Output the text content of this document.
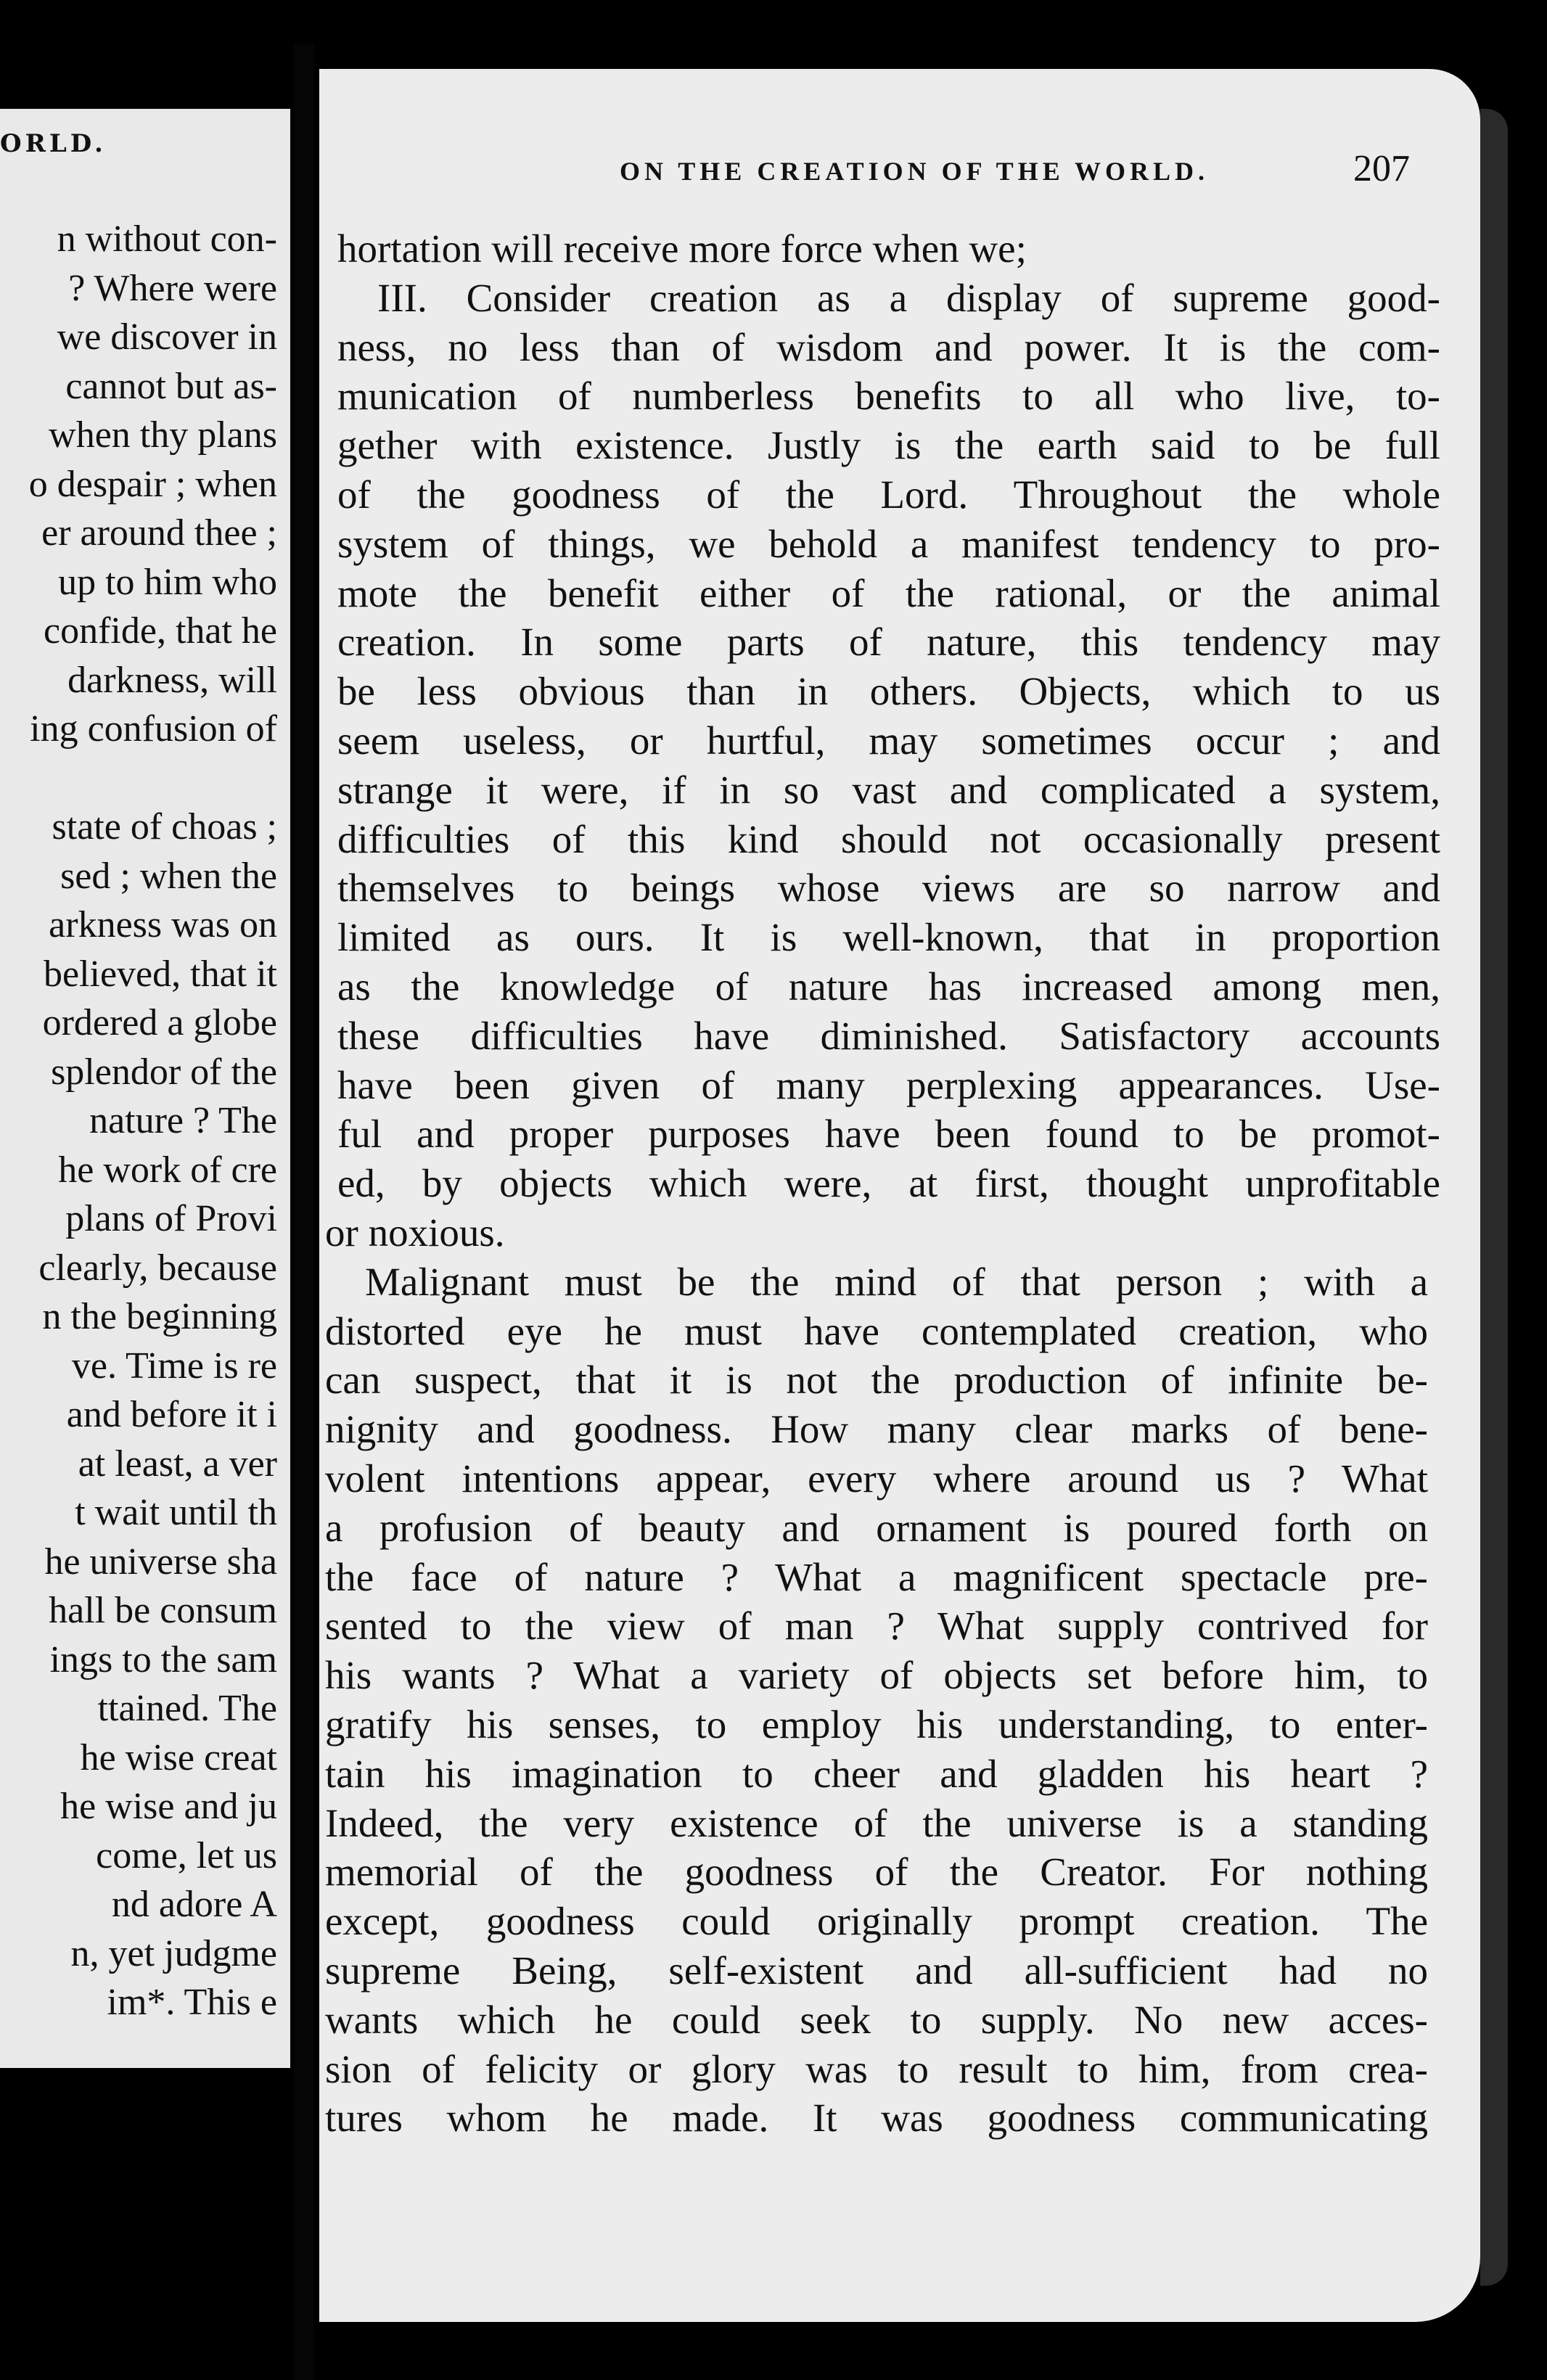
ORLD.
n without con-
? Where were
we discover in
cannot but as-
when thy plans
o despair ; when
er around thee ;
up to him who
confide, that he
darkness, will
ing confusion of
state of choas ;
sed ; when the
arkness was on
believed, that it
ordered a globe
splendor of the
nature ? The
he work of cre
plans of Provi
clearly, because
n the beginning
ve. Time is re
and before it i
at least, a ver
t wait until th
he universe sha
hall be consum
ings to the sam
ttained. The
he wise creat
he wise and ju
come, let us
nd adore A
n, yet judgme
im*. This e
ON THE CREATION OF THE WORLD.	207
hortation will receive more force when we;
III. Consider creation as a display of supreme good-
ness, no less than of wisdom and power. It is the com-
munication of numberless benefits to all who live, to-
gether with existence. Justly is the earth said to be full
of the goodness of the Lord. Throughout the whole
system of things, we behold a manifest tendency to pro-
mote the benefit either of the rational, or the animal
creation. In some parts of nature, this tendency may
be less obvious than in others. Objects, which to us
seem useless, or hurtful, may sometimes occur ; and
strange it were, if in so vast and complicated a system,
difficulties of this kind should not occasionally present
themselves to beings whose views are so narrow and
limited as ours. It is well-known, that in proportion
as the knowledge of nature has increased among men,
these difficulties have diminished. Satisfactory accounts
have been given of many perplexing appearances. Use-
ful and proper purposes have been found to be promot-
ed, by objects which were, at first, thought unprofitable
or noxious.
Malignant must be the mind of that person ; with a
distorted eye he must have contemplated creation, who
can suspect, that it is not the production of infinite be-
nignity and goodness. How many clear marks of bene-
volent intentions appear, every where around us ? What
a profusion of beauty and ornament is poured forth on
the face of nature ? What a magnificent spectacle pre-
sented to the view of man ? What supply contrived for
his wants ? What a variety of objects set before him, to
gratify his senses, to employ his understanding, to enter-
tain his imagination to cheer and gladden his heart ?
Indeed, the very existence of the universe is a standing
memorial of the goodness of the Creator. For nothing
except, goodness could originally prompt creation. The
supreme Being, self-existent and all-sufficient had no
wants which he could seek to supply. No new acces-
sion of felicity or glory was to result to him, from crea-
tures whom he made. It was goodness communicating
